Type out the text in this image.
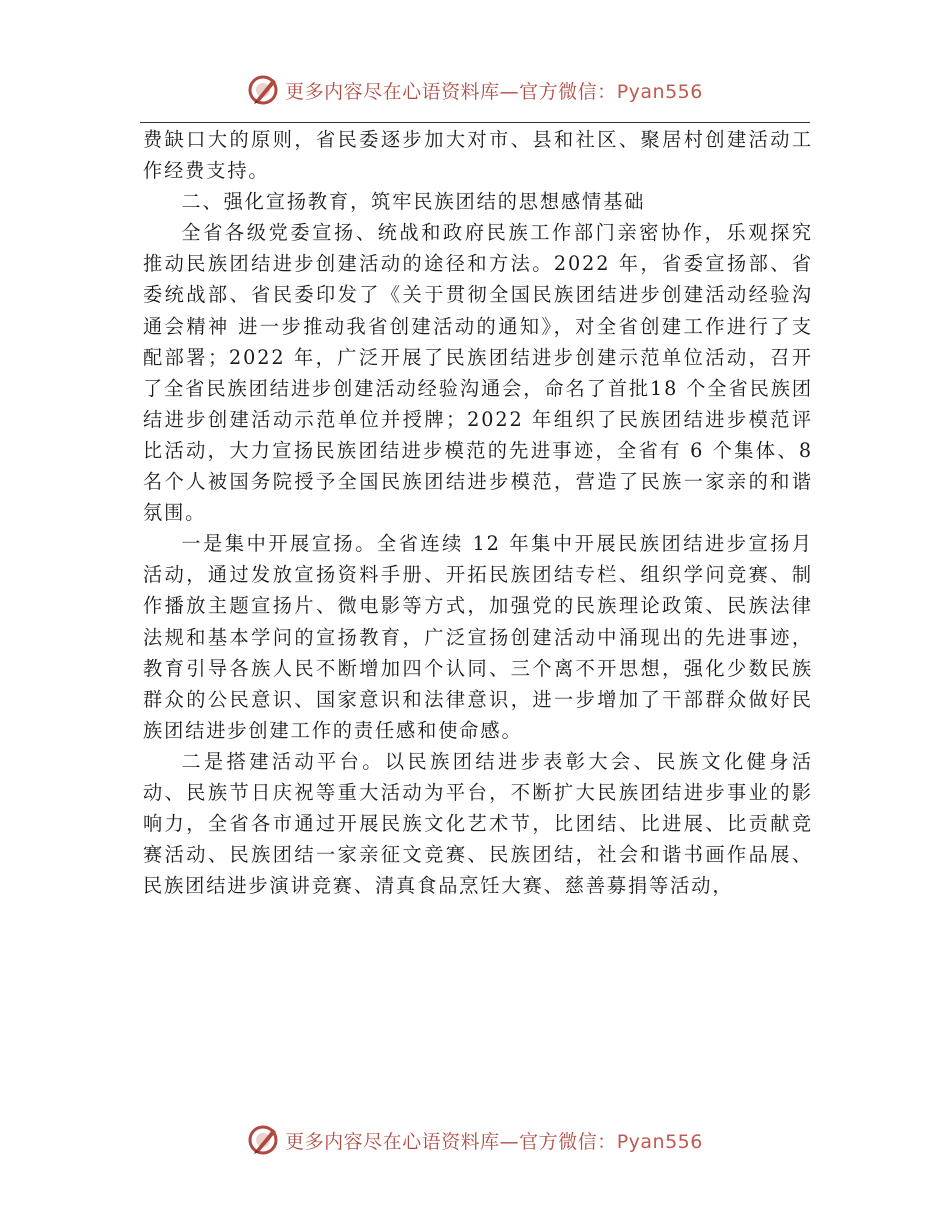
更多内容尽在心语资料库—官方微信：Pyan556

费缺口大的原则，省民委逐步加大对市、县和社区、聚居村创建活动工作经费支持。

二、强化宣扬教育，筑牢民族团结的思想感情基础

全省各级党委宣扬、统战和政府民族工作部门亲密协作，乐观探究推动民族团结进步创建活动的途径和方法。2022 年，省委宣扬部、省委统战部、省民委印发了《关于贯彻全国民族团结进步创建活动经验沟通会精神 进一步推动我省创建活动的通知》，对全省创建工作进行了支配部署；2022 年，广泛开展了民族团结进步创建示范单位活动，召开了全省民族团结进步创建活动经验沟通会，命名了首批18 个全省民族团结进步创建活动示范单位并授牌；2022 年组织了民族团结进步模范评比活动，大力宣扬民族团结进步模范的先进事迹，全省有 6 个集体、8 名个人被国务院授予全国民族团结进步模范，营造了民族一家亲的和谐氛围。

一是集中开展宣扬。全省连续 12 年集中开展民族团结进步宣扬月活动，通过发放宣扬资料手册、开拓民族团结专栏、组织学问竞赛、制作播放主题宣扬片、微电影等方式，加强党的民族理论政策、民族法律法规和基本学问的宣扬教育，广泛宣扬创建活动中涌现出的先进事迹，教育引导各族人民不断增加四个认同、三个离不开思想，强化少数民族群众的公民意识、国家意识和法律意识，进一步增加了干部群众做好民族团结进步创建工作的责任感和使命感。

二是搭建活动平台。以民族团结进步表彰大会、民族文化健身活动、民族节日庆祝等重大活动为平台，不断扩大民族团结进步事业的影响力，全省各市通过开展民族文化艺术节，比团结、比进展、比贡献竞赛活动、民族团结一家亲征文竞赛、民族团结，社会和谐书画作品展、民族团结进步演讲竞赛、清真食品烹饪大赛、慈善募捐等活动，

更多内容尽在心语资料库—官方微信：Pyan556
